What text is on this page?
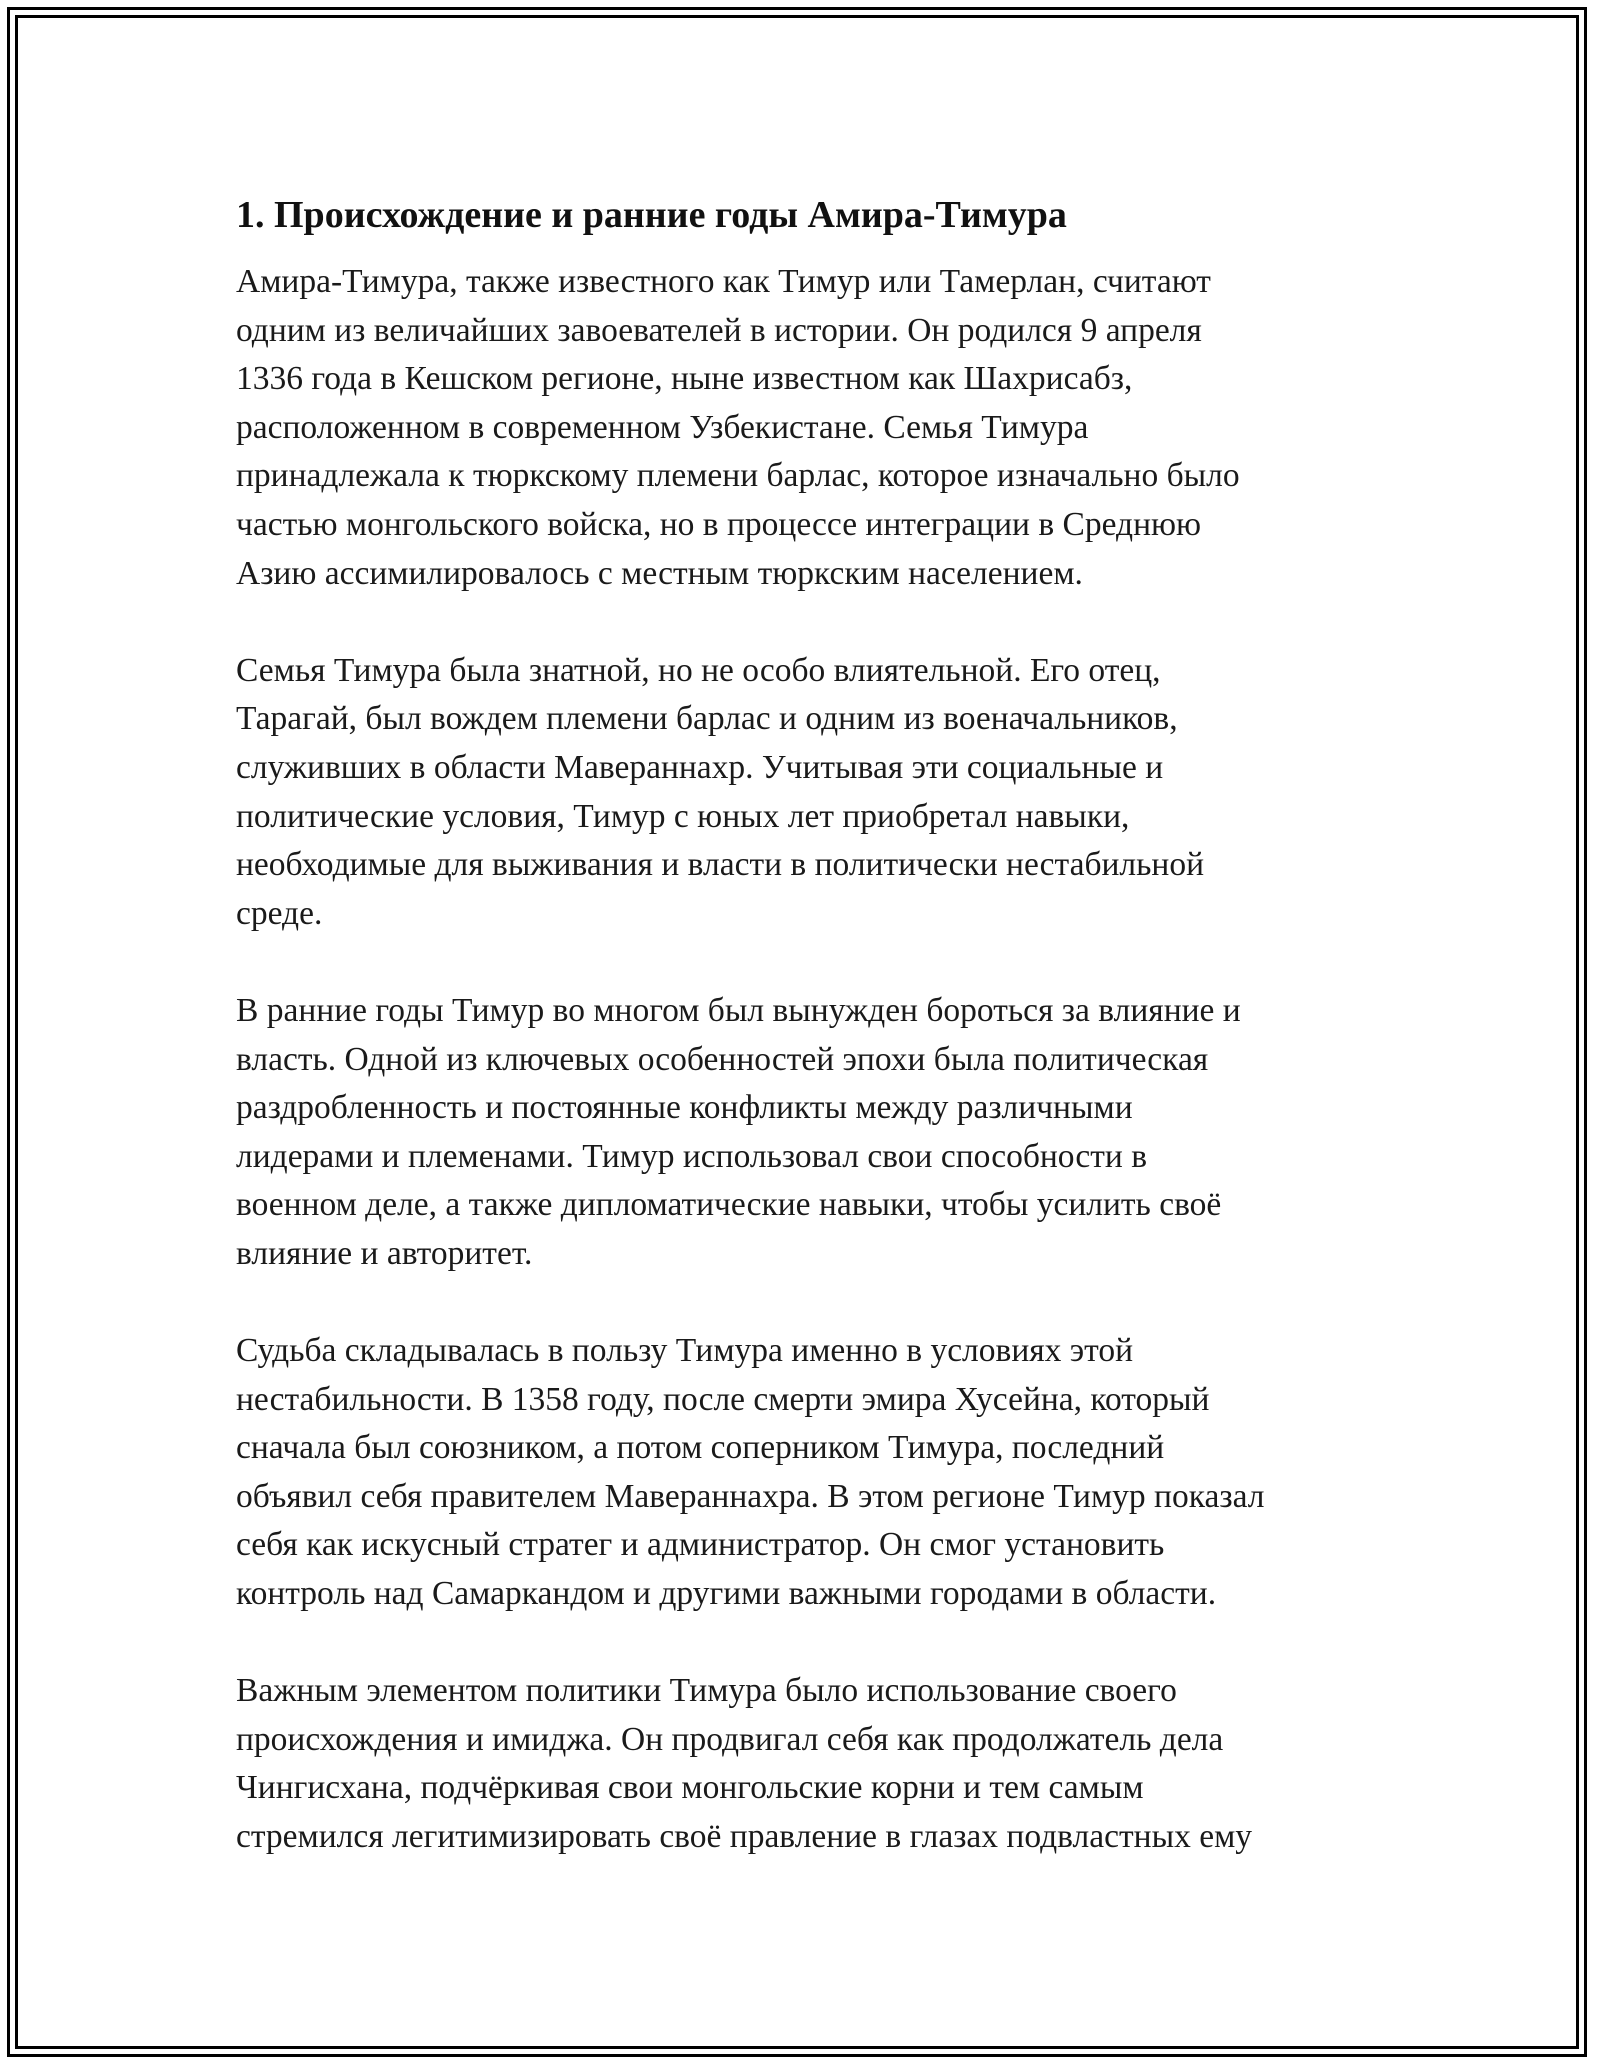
1. Происхождение и ранние годы Амира-Тимура

Амира-Тимура, также известного как Тимур или Тамерлан, считают
одним из величайших завоевателей в истории. Он родился 9 апреля
1336 года в Кешском регионе, ныне известном как Шахрисабз,
расположенном в современном Узбекистане. Семья Тимура
принадлежала к тюркскому племени барлас, которое изначально было
частью монгольского войска, но в процессе интеграции в Среднюю
Азию ассимилировалось с местным тюркским населением.

Семья Тимура была знатной, но не особо влиятельной. Его отец,
Тарагай, был вождем племени барлас и одним из военачальников,
служивших в области Мавераннахр. Учитывая эти социальные и
политические условия, Тимур с юных лет приобретал навыки,
необходимые для выживания и власти в политически нестабильной
среде.

В ранние годы Тимур во многом был вынужден бороться за влияние и
власть. Одной из ключевых особенностей эпохи была политическая
раздробленность и постоянные конфликты между различными
лидерами и племенами. Тимур использовал свои способности в
военном деле, а также дипломатические навыки, чтобы усилить своё
влияние и авторитет.

Судьба складывалась в пользу Тимура именно в условиях этой
нестабильности. В 1358 году, после смерти эмира Хусейна, который
сначала был союзником, а потом соперником Тимура, последний
объявил себя правителем Мавераннахра. В этом регионе Тимур показал
себя как искусный стратег и администратор. Он смог установить
контроль над Самаркандом и другими важными городами в области.

Важным элементом политики Тимура было использование своего
происхождения и имиджа. Он продвигал себя как продолжатель дела
Чингисхана, подчёркивая свои монгольские корни и тем самым
стремился легитимизировать своё правление в глазах подвластных ему
